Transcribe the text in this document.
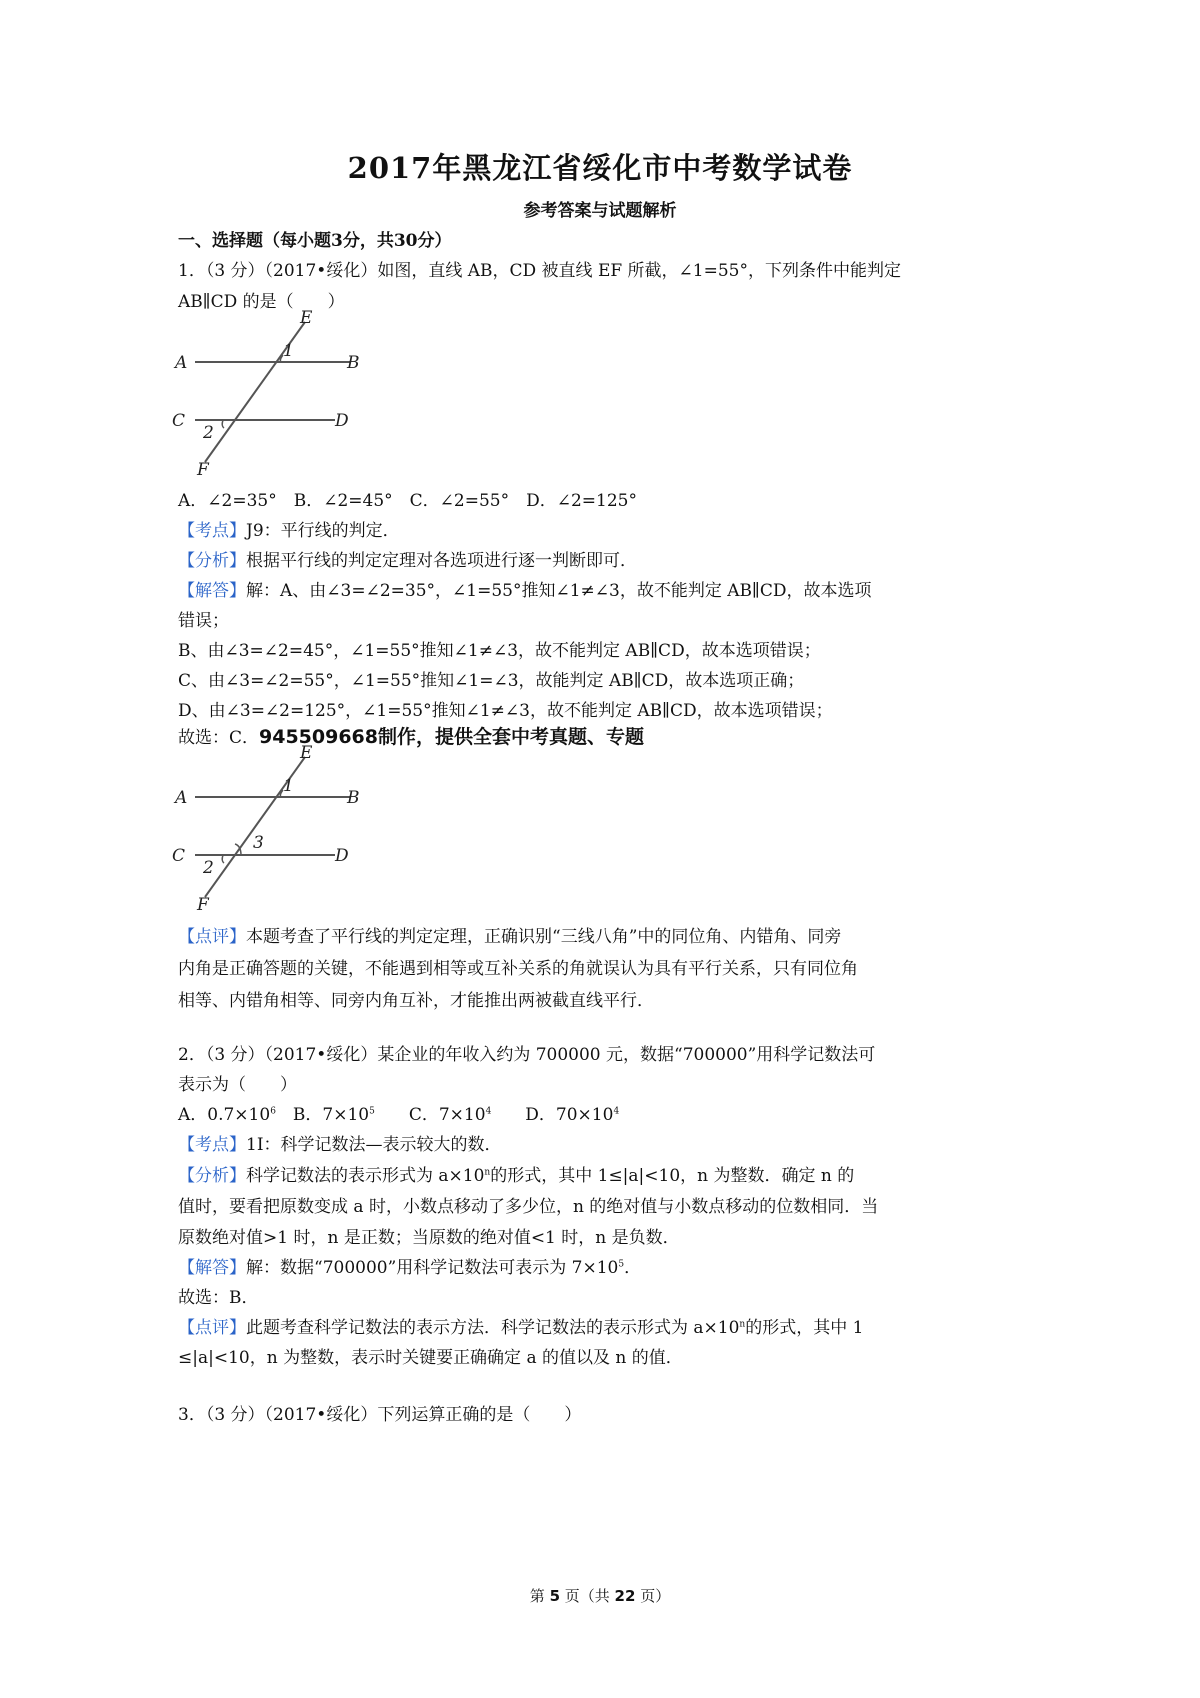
2017年黑龙江省绥化市中考数学试卷
参考答案与试题解析
一、选择题（每小题3分，共30分）
1．（3 分）（2017•绥化）如图，直线 AB，CD 被直线 EF 所截，∠1=55°，下列条件中能判定
AB∥CD 的是（　　）
E
A	B
1
C	D
2
F
A．∠2=35°　B．∠2=45°　C．∠2=55°　D．∠2=125°
【考点】J9：平行线的判定．
【分析】根据平行线的判定定理对各选项进行逐一判断即可．
【解答】解：A、由∠3=∠2=35°，∠1=55°推知∠1≠∠3，故不能判定 AB∥CD，故本选项
错误；
B、由∠3=∠2=45°，∠1=55°推知∠1≠∠3，故不能判定 AB∥CD，故本选项错误；
C、由∠3=∠2=55°，∠1=55°推知∠1=∠3，故能判定 AB∥CD，故本选项正确；
D、由∠3=∠2=125°，∠1=55°推知∠1≠∠3，故不能判定 AB∥CD，故本选项错误；
故选：C．945509668制作，提供全套中考真题、专题
E
A	B
1
3
C	D
2
F
【点评】本题考查了平行线的判定定理，正确识别“三线八角”中的同位角、内错角、同旁
内角是正确答题的关键，不能遇到相等或互补关系的角就误认为具有平行关系，只有同位角
相等、内错角相等、同旁内角互补，才能推出两被截直线平行．
2．（3 分）（2017•绥化）某企业的年收入约为 700000 元，数据“700000”用科学记数法可
表示为（　　）
A．$0.7\times 10^6$　B．$7\times 10^5$　　C．$7\times 10^4$　　D．$70\times 10^4$
【考点】1I：科学记数法—表示较大的数．
【分析】科学记数法的表示形式为 $a\times 10^n$的形式，其中 1≤|a|<10，n 为整数．确定 n 的
值时，要看把原数变成 a 时，小数点移动了多少位，n 的绝对值与小数点移动的位数相同．当
原数绝对值>1 时，n 是正数；当原数的绝对值<1 时，n 是负数．
【解答】解：数据“700000”用科学记数法可表示为 $7\times 10^5$．
故选：B．
【点评】此题考查科学记数法的表示方法．科学记数法的表示形式为 $a\times 10^n$的形式，其中 1
≤|a|<10，n 为整数，表示时关键要正确确定 a 的值以及 n 的值．
3．（3 分）（2017•绥化）下列运算正确的是（　　）
第 5 页（共 22 页）
